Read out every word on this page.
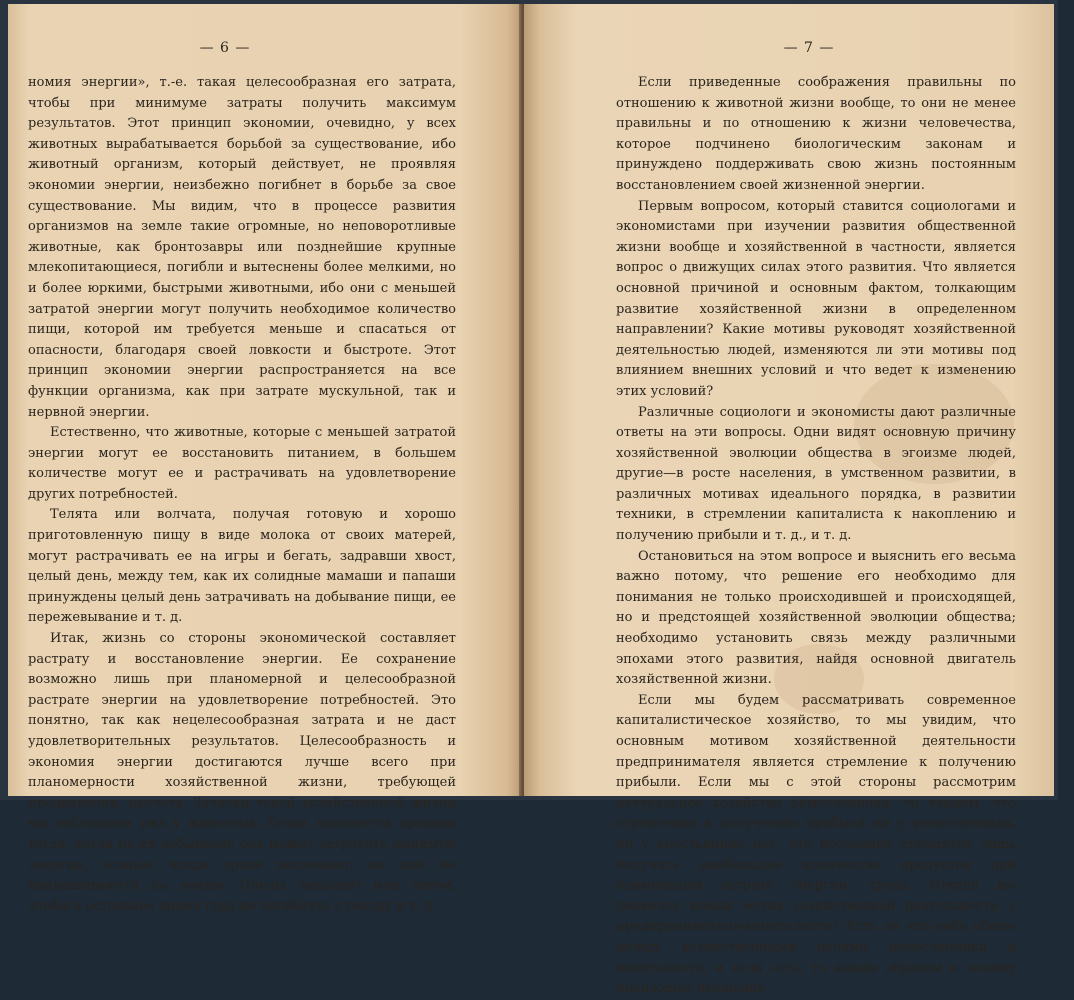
— 6 —

номия энергии», т.-е. такая целесообразная его затрата, чтобы при минимуме затраты получить максимум результатов. Этот принцип экономии, очевидно, у всех животных вырабатывается борьбой за существование, ибо животный организм, который действует, не проявляя экономии энергии, неизбежно погибнет в борьбе за свое существование. Мы видим, что в процессе развития организмов на земле такие огромные, но неповоротливые животные, как бронтозавры или позднейшие крупные млекопитающиеся, погибли и вытеснены более мелкими, но и более юркими, быстрыми животными, ибо они с меньшей затратой энергии могут получить необходимое количество пищи, которой им требуется меньше и спасаться от опасности, благодаря своей ловкости и быстроте. Этот принцип экономии энергии распространяется на все функции организма, как при затрате мускульной, так и нервной энергии.

Естественно, что животные, которые с меньшей затратой энергии могут ее восстановить питанием, в большем количестве могут ее и растрачивать на удовлетворение других потребностей.

Телята или волчата, получая готовую и хорошо приготовленную пищу в виде молока от своих матерей, могут растрачивать ее на игры и бегать, задравши хвост, целый день, между тем, как их солидные мамаши и папаши принуждены целый день затрачивать на добывание пищи, ее пережевывание и т. д.

Итак, жизнь со стороны экономической составляет растрату и восстановление энергии. Ее сохранение возможно лишь при планомерной и целесообразной растрате энергии на удовлетворение потребностей. Это понятно, так как нецелесообразная затрата и не даст удовлетворительных результатов. Целесообразность и экономия энергии достигаются лучше всего при планомерности хозяйственной жизни, требующей предвидения, расчета. Зачатки такой хозяйственной жизни мы наблюдаем уже у животных. Белка запасается орехами тогда, когда на их добывание она может затратить минимум энергии, осенью, когда орехи поспевают, но еще не выкрашиваются на землю. Пчелы запасают мед летом, чтобы в остальное время года не погибнуть с голоду и т. д.

— 7 —

Если приведенные соображения правильны по отношению к животной жизни вообще, то они не менее правильны и по отношению к жизни человечества, которое подчинено биологическим законам и принуждено поддерживать свою жизнь постоянным восстановлением своей жизненной энергии.

Первым вопросом, который ставится социологами и экономистами при изучении развития общественной жизни вообще и хозяйственной в частности, является вопрос о движущих силах этого развития. Что является основной причиной и основным фактом, толкающим развитие хозяйственной жизни в определенном направлении? Какие мотивы руководят хозяйственной деятельностью людей, изменяются ли эти мотивы под влиянием внешних условий и что ведет к изменению этих условий?

Различные социологи и экономисты дают различные ответы на эти вопросы. Одни видят основную причину хозяйственной эволюции общества в эгоизме людей, другие—в росте населения, в умственном развитии, в различных мотивах идеального порядка, в развитии техники, в стремлении капиталиста к накоплению и получению прибыли и т. д., и т. д.

Остановиться на этом вопросе и выяснить его весьма важно потому, что решение его необходимо для понимания не только происходившей и происходящей, но и предстоящей хозяйственной эволюции общества; необходимо установить связь между различными эпохами этого развития, найдя основной двигатель хозяйственной жизни.

Если мы будем рассматривать современное капиталистическое хозяйство, то мы увидим, что основным мотивом хозяйственной деятельности предпринимателя является стремление к получению прибыли. Если мы с этой стороны рассмотрим натуральное хозяйство ремесленника, то увидим, что стремления к получению прибыли ни у ремесленника, ни у крестьянина нет, что последние стремятся лишь получить наибольшее количество продуктов при наименьшей затрате энергии, труда. Откуда же появился новый мотив хозяйственной деятельности у предпринимателя-капиталиста? Есть ли что-либо общее между хозяйственными целями ремесленника и капиталиста, и если есть, то каким образом и почему произошло превраще-
